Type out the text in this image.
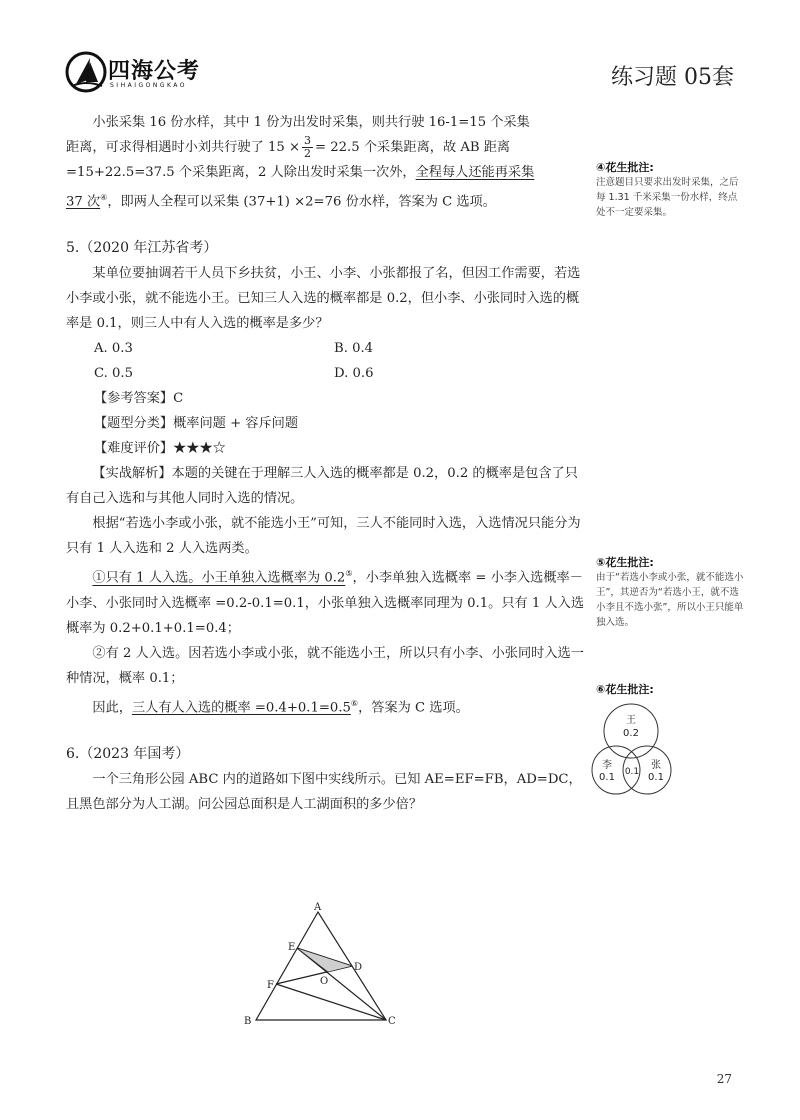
四海公考
SIHAIGONGKAO	练习题 05套

小张采集 16 份水样，其中 1 份为出发时采集，则共行驶 16-1=15 个采集

距离，可求得相遇时小刘共行驶了 $15 \times \frac{3}{2} = 22.5$ 个采集距离，故 AB 距离

=15+22.5=37.5 个采集距离，2 人除出发时采集一次外，全程每人还能再采集

37 次④，即两人全程可以采集 (37+1) ×2=76 份水样，答案为 C 选项。

5.（2020 年江苏省考）

某单位要抽调若干人员下乡扶贫，小王、小李、小张都报了名，但因工作需要，若选小李或小张，就不能选小王。已知三人入选的概率都是 0.2，但小李、小张同时入选的概率是 0.1，则三人中有人入选的概率是多少？

A. 0.3	B. 0.4
C. 0.5	D. 0.6

【参考答案】C

【题型分类】概率问题 + 容斥问题

【难度评价】★★★☆

【实战解析】本题的关键在于理解三人入选的概率都是 0.2，0.2 的概率是包含了只有自己入选和与其他人同时入选的情况。

根据“若选小李或小张，就不能选小王”可知，三人不能同时入选，入选情况只能分为只有 1 人入选和 2 人入选两类。

①只有 1 人入选。小王单独入选概率为 0.2⑤，小李单独入选概率 = 小李入选概率－小李、小张同时入选概率 =0.2-0.1=0.1，小张单独入选概率同理为 0.1。只有 1 人入选概率为 0.2+0.1+0.1=0.4；

②有 2 人入选。因若选小李或小张，就不能选小王，所以只有小李、小张同时入选一种情况，概率 0.1；

因此，三人有人入选的概率 =0.4+0.1=0.5⑥，答案为 C 选项。

6.（2023 年国考）

一个三角形公园 ABC 内的道路如下图中实线所示。已知 AE=EF=FB，AD=DC，且黑色部分为人工湖。问公园总面积是人工湖面积的多少倍？

A
B	C
D
E
F	O
④花生批注:
注意题目只要求出发时采集，之后每 1.31 千米采集一份水样，终点处不一定要采集。
⑤花生批注:
由于“若选小李或小张，就不能选小王”，其逆否为“若选小王，就不选小李且不选小张”，所以小王只能单独入选。
⑥花生批注:
王
0.2
李
0.1
张
0.1
0.1
27
